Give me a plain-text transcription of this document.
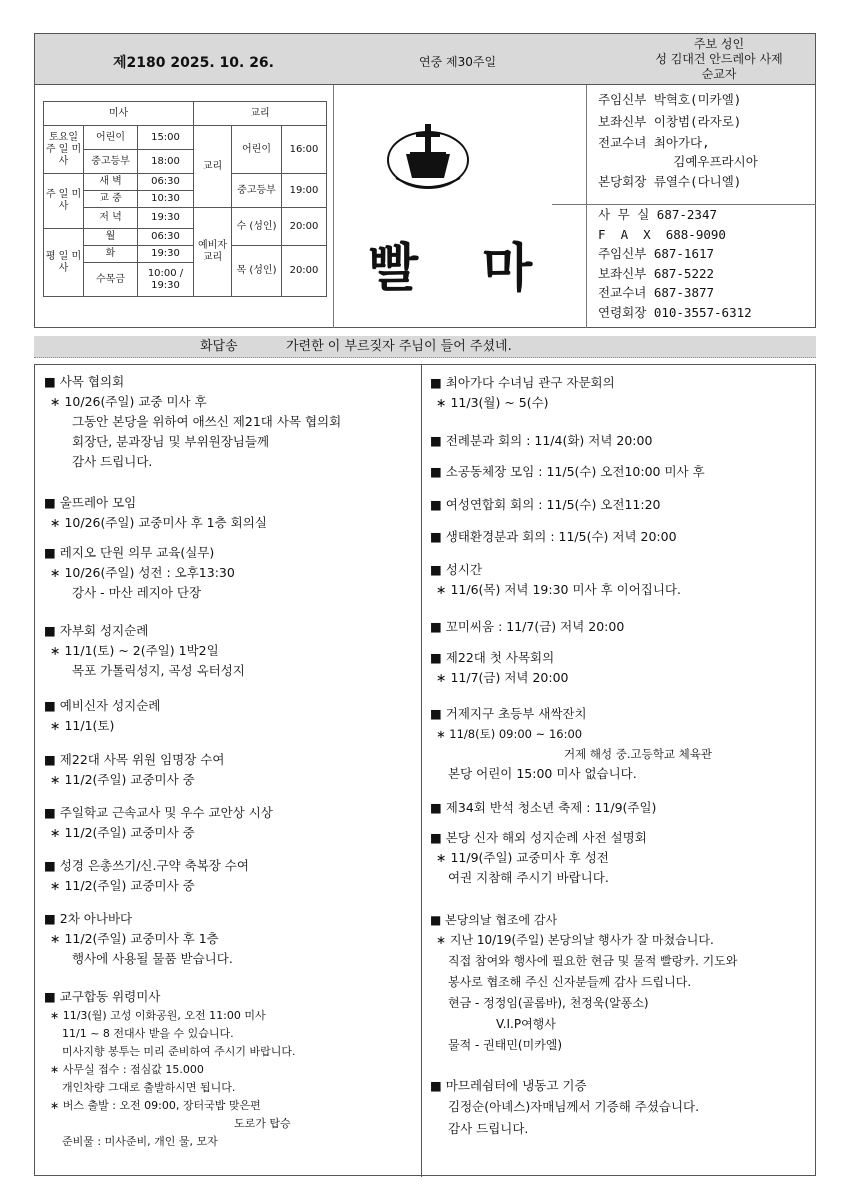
제2180 2025. 10. 26.	연중 제30주일
주보 성인
성 김대건 안드레아 사제
순교자
미사			교리		
토요일 주 일 미 사	어린이	15:00	교리	어린이	16:00
	중고등부	18:00			
주 일 미 사	새 벽	06:30		중고등부	19:00
	교 중	10:30			
	저 녁	19:30	예비자 교리	수 (성인)	20:00
평 일 미 사	월	06:30			
	화	19:30		목 (성인)	20:00
	수목금	10:00 / 19:30				빨 마
주임신부 박혁호(미카엘)
보좌신부 이창범(라자로)
전교수녀 최아가다,
김예우프라시아
본당회장 류열수(다니엘)
사 무 실 687-2347
F  A  X  688-9090
주임신부 687-1617
보좌신부 687-5222
전교수녀 687-3877
연령회장 010-3557-6312
화답송	가련한 이 부르짖자 주님이 들어 주셨네.
■ 사목 협의회
∗ 10/26(주일) 교중 미사 후
그동안 본당을 위하여 애쓰신 제21대 사목 협의회
회장단, 분과장님 및 부위원장님들께
감사 드립니다.
■ 울뜨레아 모임
∗ 10/26(주일) 교중미사 후 1층 회의실
■ 레지오 단원 의무 교육(실무)
∗ 10/26(주일) 성전 : 오후13:30
강사 - 마산 레지아 단장
■ 자부회 성지순례
∗ 11/1(토) ~ 2(주일) 1박2일
목포 가톨릭성지, 곡성 옥터성지
■ 예비신자 성지순례
∗ 11/1(토)
■ 제22대 사목 위원 임명장 수여
∗ 11/2(주일) 교중미사 중
■ 주일학교 근속교사 및 우수 교안상 시상
∗ 11/2(주일) 교중미사 중
■ 성경 은총쓰기/신.구약 축복장 수여
∗ 11/2(주일) 교중미사 중
■ 2차 아나바다
∗ 11/2(주일) 교중미사 후 1층
행사에 사용될 물품 받습니다.
■ 교구합동 위령미사
∗ 11/3(월) 고성 이화공원, 오전 11:00 미사
11/1 ~ 8 전대사 받을 수 있습니다.
미사지향 봉투는 미리 준비하여 주시기 바랍니다.
∗ 사무실 접수 : 점심값 15.000
개인차량 그대로 출발하시면 됩니다.
∗ 버스 출발 : 오전 09:00, 장터국밥 맞은편
도로가 탑승
준비물 : 미사준비, 개인 물, 모자
■ 최아가다 수녀님 관구 자문회의
∗ 11/3(월) ~ 5(수)
■ 전례분과 회의 : 11/4(화) 저녁 20:00
■ 소공동체장 모임 : 11/5(수) 오전10:00 미사 후
■ 여성연합회 회의 : 11/5(수) 오전11:20
■ 생태환경분과 회의 : 11/5(수) 저녁 20:00
■ 성시간
∗ 11/6(목) 저녁 19:30 미사 후 이어집니다.
■ 꼬미씨움 : 11/7(금) 저녁 20:00
■ 제22대 첫 사목회의
∗ 11/7(금) 저녁 20:00
■ 거제지구 초등부 새싹잔치
∗ 11/8(토) 09:00 ~ 16:00
거제 해성 중.고등학교 체육관
본당 어린이 15:00 미사 없습니다.
■ 제34회 반석 청소년 축제 : 11/9(주일)
■ 본당 신자 해외 성지순례 사전 설명회
∗ 11/9(주일) 교중미사 후 성전
여권 지참해 주시기 바랍니다.
■ 본당의날 협조에 감사
∗ 지난 10/19(주일) 본당의날 행사가 잘 마쳤습니다.
직접 참여와 행사에 필요한 현금 및 물적 빨랑카. 기도와
봉사로 협조해 주신 신자분들께 감사 드립니다.
현금 - 정정임(골롬바), 천정욱(알퐁소)
V.I.P여행사
물적 - 권태민(미카엘)
■ 마므레쉼터에 냉동고 기증
김정순(아녜스)자매님께서 기증해 주셨습니다.
감사 드립니다.
